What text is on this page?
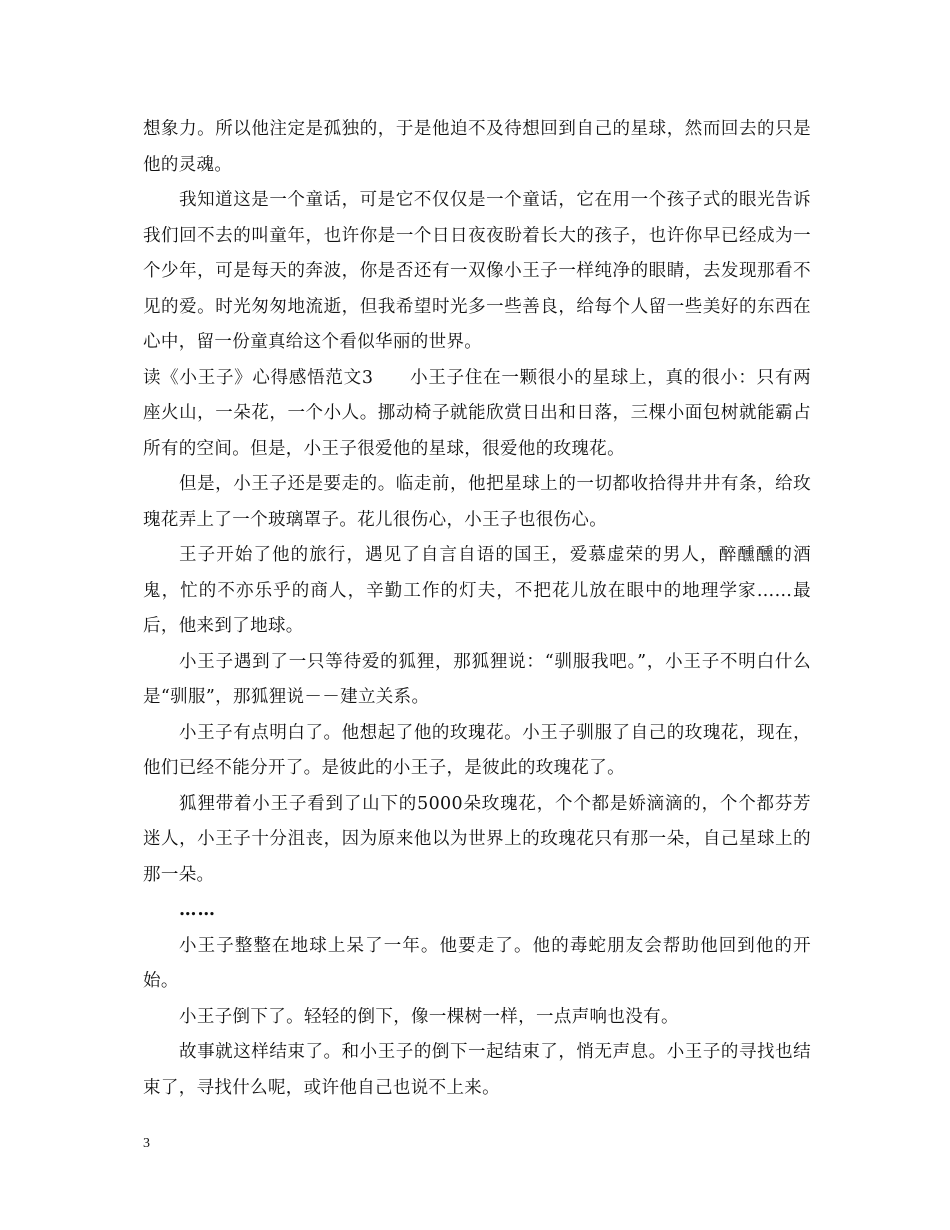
想象力。所以他注定是孤独的，于是他迫不及待想回到自己的星球，然而回去的只是他的灵魂。

我知道这是一个童话，可是它不仅仅是一个童话，它在用一个孩子式的眼光告诉我们回不去的叫童年，也许你是一个日日夜夜盼着长大的孩子，也许你早已经成为一个少年，可是每天的奔波，你是否还有一双像小王子一样纯净的眼睛，去发现那看不见的爱。时光匆匆地流逝，但我希望时光多一些善良，给每个人留一些美好的东西在心中，留一份童真给这个看似华丽的世界。

读《小王子》心得感悟范文3　　小王子住在一颗很小的星球上，真的很小：只有两座火山，一朵花，一个小人。挪动椅子就能欣赏日出和日落，三棵小面包树就能霸占所有的空间。但是，小王子很爱他的星球，很爱他的玫瑰花。

但是，小王子还是要走的。临走前，他把星球上的一切都收拾得井井有条，给玫瑰花弄上了一个玻璃罩子。花儿很伤心，小王子也很伤心。

王子开始了他的旅行，遇见了自言自语的国王，爱慕虚荣的男人，醉醺醺的酒鬼，忙的不亦乐乎的商人，辛勤工作的灯夫，不把花儿放在眼中的地理学家……最后，他来到了地球。

小王子遇到了一只等待爱的狐狸，那狐狸说：“驯服我吧。”，小王子不明白什么是“驯服”，那狐狸说－－建立关系。

小王子有点明白了。他想起了他的玫瑰花。小王子驯服了自己的玫瑰花，现在，他们已经不能分开了。是彼此的小王子，是彼此的玫瑰花了。

狐狸带着小王子看到了山下的5000朵玫瑰花，个个都是娇滴滴的，个个都芬芳迷人，小王子十分沮丧，因为原来他以为世界上的玫瑰花只有那一朵，自己星球上的那一朵。

……

小王子整整在地球上呆了一年。他要走了。他的毒蛇朋友会帮助他回到他的开始。

小王子倒下了。轻轻的倒下，像一棵树一样，一点声响也没有。

故事就这样结束了。和小王子的倒下一起结束了，悄无声息。小王子的寻找也结束了，寻找什么呢，或许他自己也说不上来。

3
